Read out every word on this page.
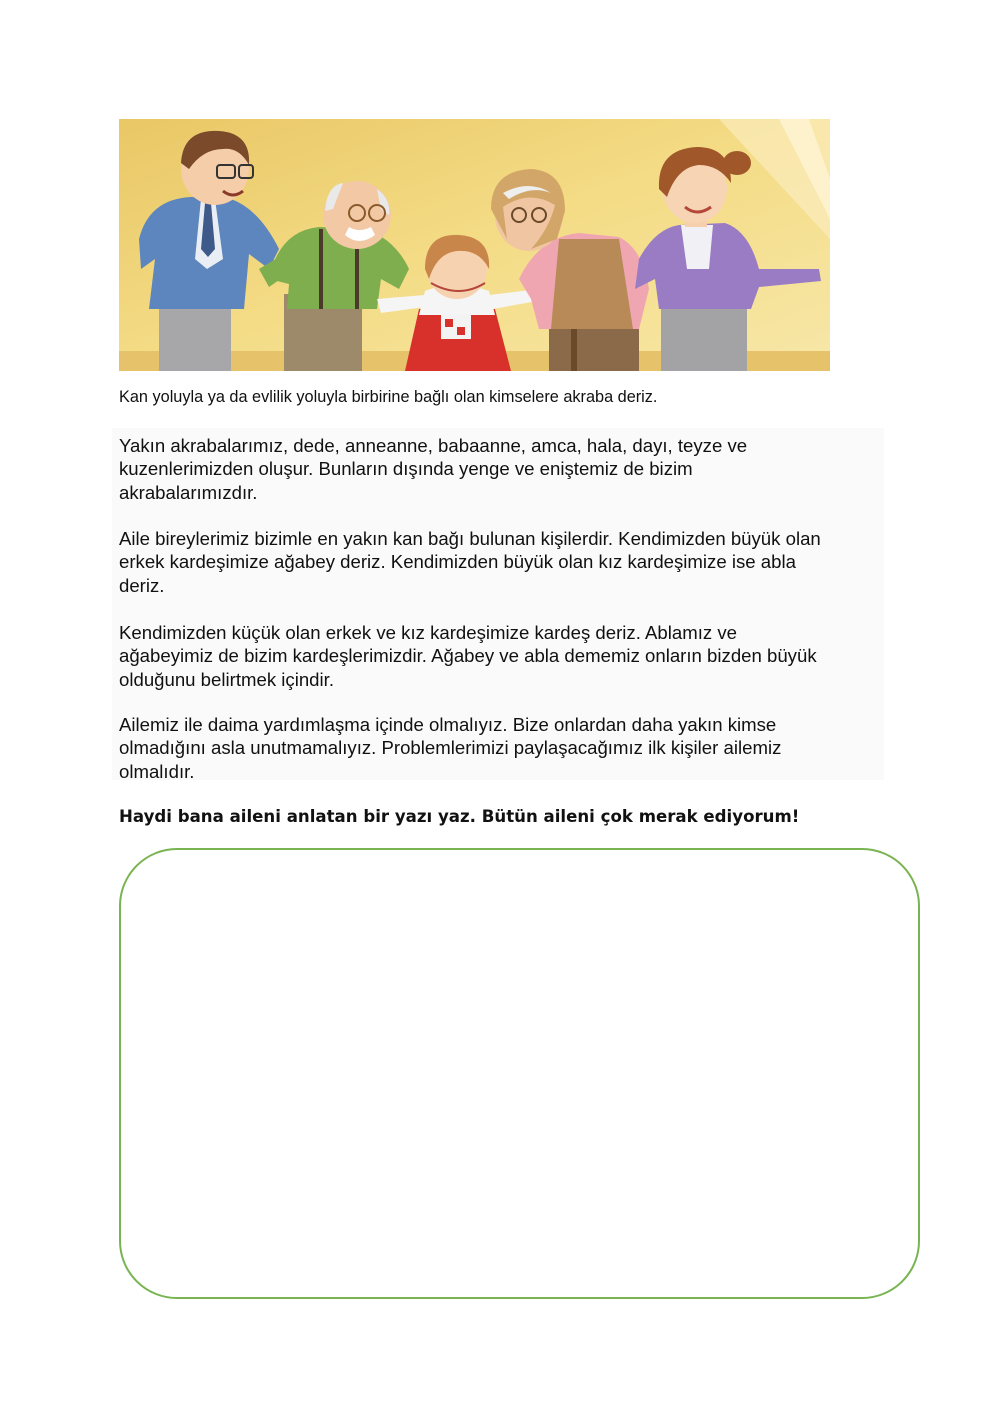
Kan yoluyla ya da evlilik yoluyla birbirine bağlı olan kimselere akraba deriz.

Yakın akrabalarımız, dede, anneanne, babaanne, amca, hala, dayı, teyze ve
kuzenlerimizden oluşur. Bunların dışında yenge ve eniştemiz de bizim
akrabalarımızdır.

Aile bireylerimiz bizimle en yakın kan bağı bulunan kişilerdir. Kendimizden büyük olan
erkek kardeşimize ağabey deriz. Kendimizden büyük olan kız kardeşimize ise abla
deriz.

Kendimizden küçük olan erkek ve kız kardeşimize kardeş deriz. Ablamız ve
ağabeyimiz de bizim kardeşlerimizdir. Ağabey ve abla dememiz onların bizden büyük
olduğunu belirtmek içindir.

Ailemiz ile daima yardımlaşma içinde olmalıyız. Bize onlardan daha yakın kimse
olmadığını asla unutmamalıyız. Problemlerimizi paylaşacağımız ilk kişiler ailemiz
olmalıdır.

Haydi bana aileni anlatan bir yazı yaz. Bütün aileni çok merak ediyorum!
